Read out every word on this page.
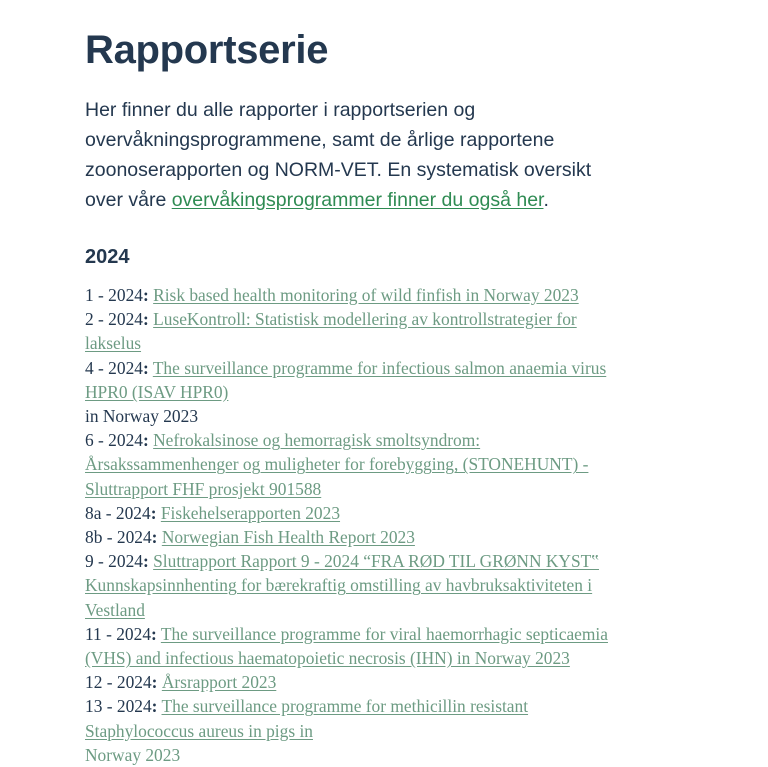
Rapportserie

Her finner du alle rapporter i rapportserien og overvåkningsprogrammene, samt de årlige rapportene zoonoserapporten og NORM-VET. En systematisk oversikt over våre overvåkingsprogrammer finner du også her.

2024
1 - 2024: Risk based health monitoring of wild finfish in Norway 2023
2 - 2024: LuseKontroll: Statistisk modellering av kontrollstrategier for lakselus
4 - 2024: The surveillance programme for infectious salmon anaemia virus HPR0 (ISAV HPR0)
in Norway 2023
6 - 2024: Nefrokalsinose og hemorragisk smoltsyndrom: Årsakssammenhenger og muligheter for forebygging, (STONEHUNT) - Sluttrapport FHF prosjekt 901588
8a - 2024: Fiskehelserapporten 2023
8b - 2024: Norwegian Fish Health Report 2023
9 - 2024: Sluttrapport Rapport 9 - 2024 “FRA RØD TIL GRØNN KYST‟ Kunnskapsinnhenting for bærekraftig omstilling av havbruksaktiviteten i Vestland
11 - 2024: The surveillance programme for viral haemorrhagic septicaemia (VHS) and infectious haematopoietic necrosis (IHN) in Norway 2023
12 - 2024: Årsrapport 2023
13 - 2024: The surveillance programme for methicillin resistant Staphylococcus aureus in pigs in
Norway 2023
